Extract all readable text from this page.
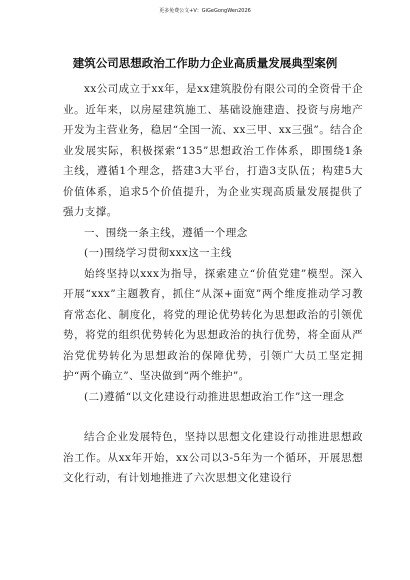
更多免费公文+V：GiGeGongWen2026
建筑公司思想政治工作助力企业高质量发展典型案例

xx公司成立于xx年，是xx建筑股份有限公司的全资骨干企业。近年来，以房屋建筑施工、基础设施建造、投资与房地产开发为主营业务，稳居“全国一流、xx三甲、xx三强”。结合企业发展实际，积极探索“135”思想政治工作体系，即围绕1条主线，遵循1个理念，搭建3大平台，打造3支队伍；构建5大价值体系，追求5个价值提升，为企业实现高质量发展提供了强力支撑。

一、围绕一条主线，遵循一个理念

(一)围绕学习贯彻xxx这一主线

始终坚持以xxx为指导，探索建立“价值党建”模型。深入开展“xxx”主题教育，抓住“从深+面宽”两个维度推动学习教育常态化、制度化，将党的理论优势转化为思想政治的引领优势，将党的组织优势转化为思想政治的执行优势，将全面从严治党优势转化为思想政治的保障优势，引领广大员工坚定拥护“两个确立”、坚决做到“两个维护”。

(二)遵循“以文化建设行动推进思想政治工作”这一理念

结合企业发展特色，坚持以思想文化建设行动推进思想政治工作。从xx年开始，xx公司以3-5年为一个循环，开展思想文化行动，有计划地推进了六次思想文化建设行
